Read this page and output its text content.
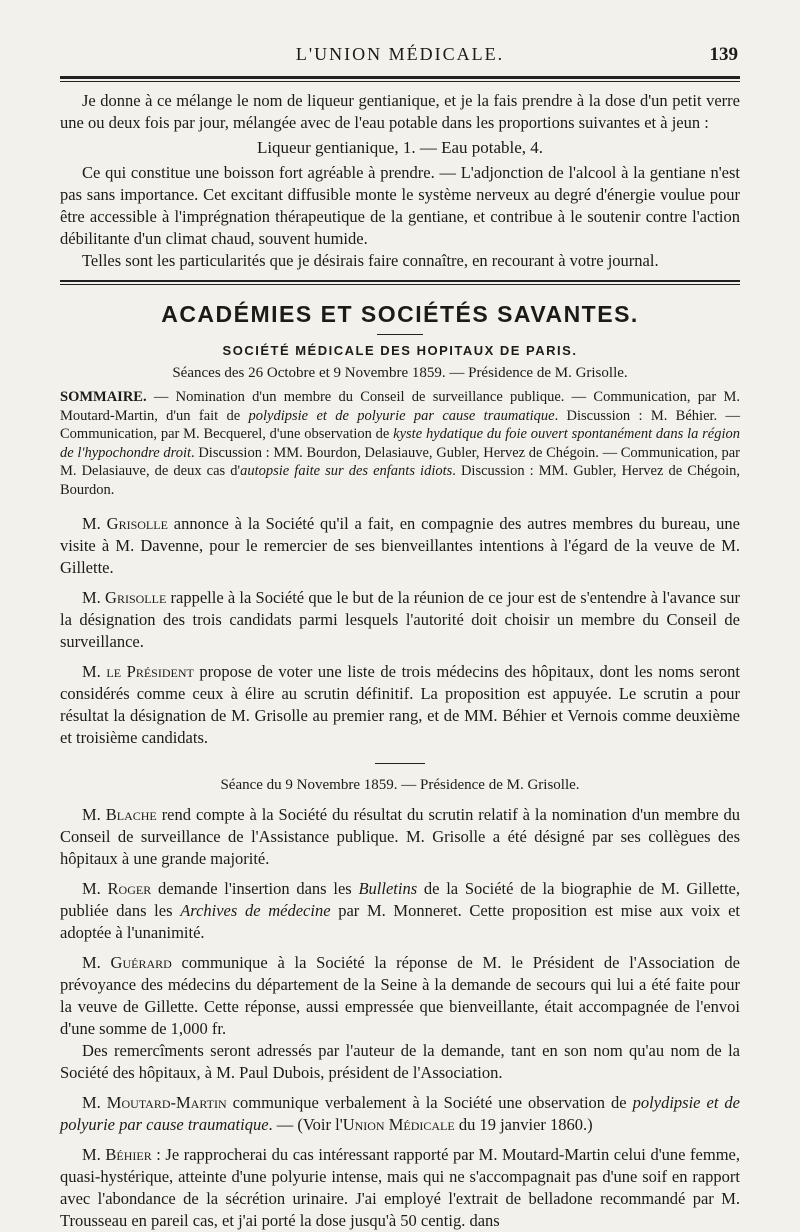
L'UNION MÉDICALE.	139

Je donne à ce mélange le nom de liqueur gentianique, et je la fais prendre à la dose d'un petit verre une ou deux fois par jour, mélangée avec de l'eau potable dans les proportions suivantes et à jeun :

Liqueur gentianique, 1. — Eau potable, 4.

Ce qui constitue une boisson fort agréable à prendre. — L'adjonction de l'alcool à la gentiane n'est pas sans importance. Cet excitant diffusible monte le système nerveux au degré d'énergie voulue pour être accessible à l'imprégnation thérapeutique de la gentiane, et contribue à le soutenir contre l'action débilitante d'un climat chaud, souvent humide.

Telles sont les particularités que je désirais faire connaître, en recourant à votre journal.

ACADÉMIES ET SOCIÉTÉS SAVANTES.
SOCIÉTÉ MÉDICALE DES HOPITAUX DE PARIS.
Séances des 26 Octobre et 9 Novembre 1859. — Présidence de M. Grisolle.

SOMMAIRE. — Nomination d'un membre du Conseil de surveillance publique. — Communication, par M. Moutard-Martin, d'un fait de polydipsie et de polyurie par cause traumatique. Discussion : M. Béhier. — Communication, par M. Becquerel, d'une observation de kyste hydatique du foie ouvert spontanément dans la région de l'hypochondre droit. Discussion : MM. Bourdon, Delasiauve, Gubler, Hervez de Chégoin. — Communication, par M. Delasiauve, de deux cas d'autopsie faite sur des enfants idiots. Discussion : MM. Gubler, Hervez de Chégoin, Bourdon.

M. Grisolle annonce à la Société qu'il a fait, en compagnie des autres membres du bureau, une visite à M. Davenne, pour le remercier de ses bienveillantes intentions à l'égard de la veuve de M. Gillette.

M. Grisolle rappelle à la Société que le but de la réunion de ce jour est de s'entendre à l'avance sur la désignation des trois candidats parmi lesquels l'autorité doit choisir un membre du Conseil de surveillance.

M. le Président propose de voter une liste de trois médecins des hôpitaux, dont les noms seront considérés comme ceux à élire au scrutin définitif. La proposition est appuyée. Le scrutin a pour résultat la désignation de M. Grisolle au premier rang, et de MM. Béhier et Vernois comme deuxième et troisième candidats.

Séance du 9 Novembre 1859. — Présidence de M. Grisolle.

M. Blache rend compte à la Société du résultat du scrutin relatif à la nomination d'un membre du Conseil de surveillance de l'Assistance publique. M. Grisolle a été désigné par ses collègues des hôpitaux à une grande majorité.

M. Roger demande l'insertion dans les Bulletins de la Société de la biographie de M. Gillette, publiée dans les Archives de médecine par M. Monneret. Cette proposition est mise aux voix et adoptée à l'unanimité.

M. Guérard communique à la Société la réponse de M. le Président de l'Association de prévoyance des médecins du département de la Seine à la demande de secours qui lui a été faite pour la veuve de Gillette. Cette réponse, aussi empressée que bienveillante, était accompagnée de l'envoi d'une somme de 1,000 fr.

Des remercîments seront adressés par l'auteur de la demande, tant en son nom qu'au nom de la Société des hôpitaux, à M. Paul Dubois, président de l'Association.

M. Moutard-Martin communique verbalement à la Société une observation de polydipsie et de polyurie par cause traumatique. — (Voir l'Union Médicale du 19 janvier 1860.)

M. Béhier : Je rapprocherai du cas intéressant rapporté par M. Moutard-Martin celui d'une femme, quasi-hystérique, atteinte d'une polyurie intense, mais qui ne s'accompagnait pas d'une soif en rapport avec l'abondance de la sécrétion urinaire. J'ai employé l'extrait de belladone recommandé par M. Trousseau en pareil cas, et j'ai porté la dose jusqu'à 50 centig. dans
